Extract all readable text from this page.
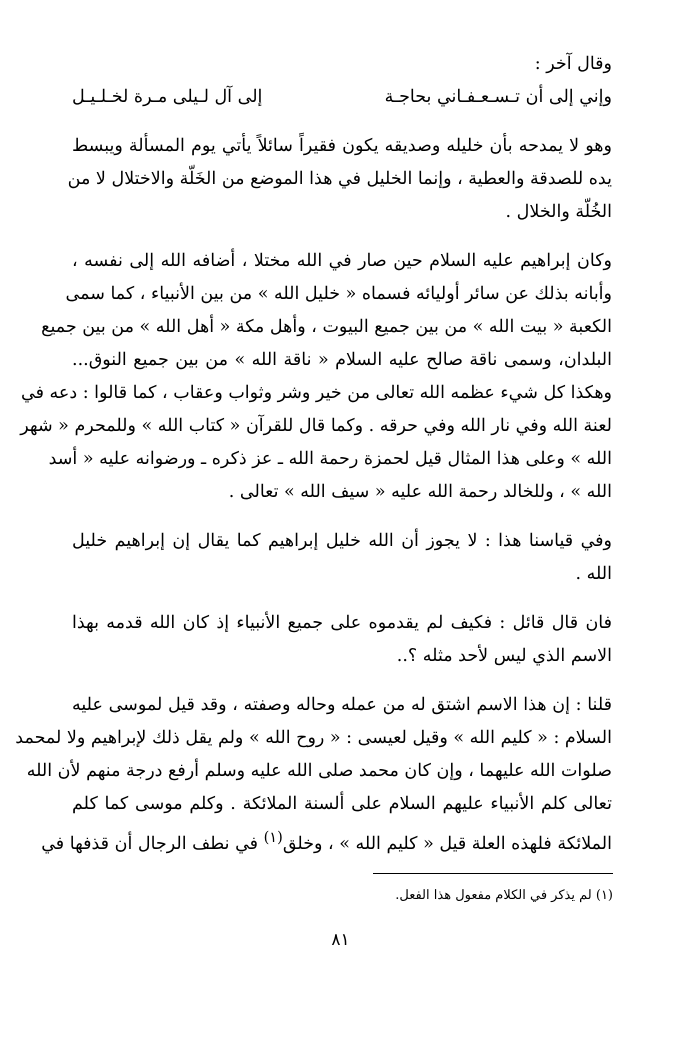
وقال آخر :
وإني إلى أن تـسـعـفـاني بحاجـة
إلى آل لـيلى مـرة لخـلـيـل
وهو لا يمدحه بأن خليله وصديقه يكون فقيراً سائلاً يأتي يوم المسألة ويبسط
يده للصدقة والعطية ، وإنما الخليل في هذا الموضع من الخَلّة والاختلال لا من
الخُلّة والخلال .
وكان إبراهيم عليه السلام حين صار في الله مختلا ، أضافه الله إلى نفسه ،
وأبانه بذلك عن سائر أوليائه فسماه « خليل الله » من بين الأنبياء ، كما سمى
الكعبة « بيت الله » من بين جميع البيوت ، وأهل مكة « أهل الله » من بين جميع
البلدان، وسمى ناقة صالح عليه السلام « ناقة الله » من بين جميع النوق...
وهكذا كل شيء عظمه الله تعالى من خير وشر وثواب وعقاب ، كما قالوا : دعه في
لعنة الله وفي نار الله وفي حرقه . وكما قال للقرآن « كتاب الله » وللمحرم « شهر
الله » وعلى هذا المثال قيل لحمزة رحمة الله ـ عز ذكره ـ ورضوانه عليه « أسد
الله » ، وللخالد رحمة الله عليه « سيف الله » تعالى .
وفي قياسنا هذا : لا يجوز أن الله خليل إبراهيم كما يقال إن إبراهيم خليل
الله .
فان قال قائل : فكيف لم يقدموه على جميع الأنبياء إذ كان الله قدمه بهذا
الاسم الذي ليس لأحد مثله ؟..
قلنا : إن هذا الاسم اشتق له من عمله وحاله وصفته ، وقد قيل لموسى عليه
السلام : « كليم الله » وقيل لعيسى : « روح الله » ولم يقل ذلك لإبراهيم ولا لمحمد
صلوات الله عليهما ، وإن كان محمد صلى الله عليه وسلم أرفع درجة منهم لأن الله
تعالى كلم الأنبياء عليهم السلام على ألسنة الملائكة . وكلم موسى كما كلم
الملائكة فلهذه العلة قيل « كليم الله » ، وخلق$^{(١)}$ في نطف الرجال أن قذفها في
(١) لم يذكر في الكلام مفعول هذا الفعل.
٨١
